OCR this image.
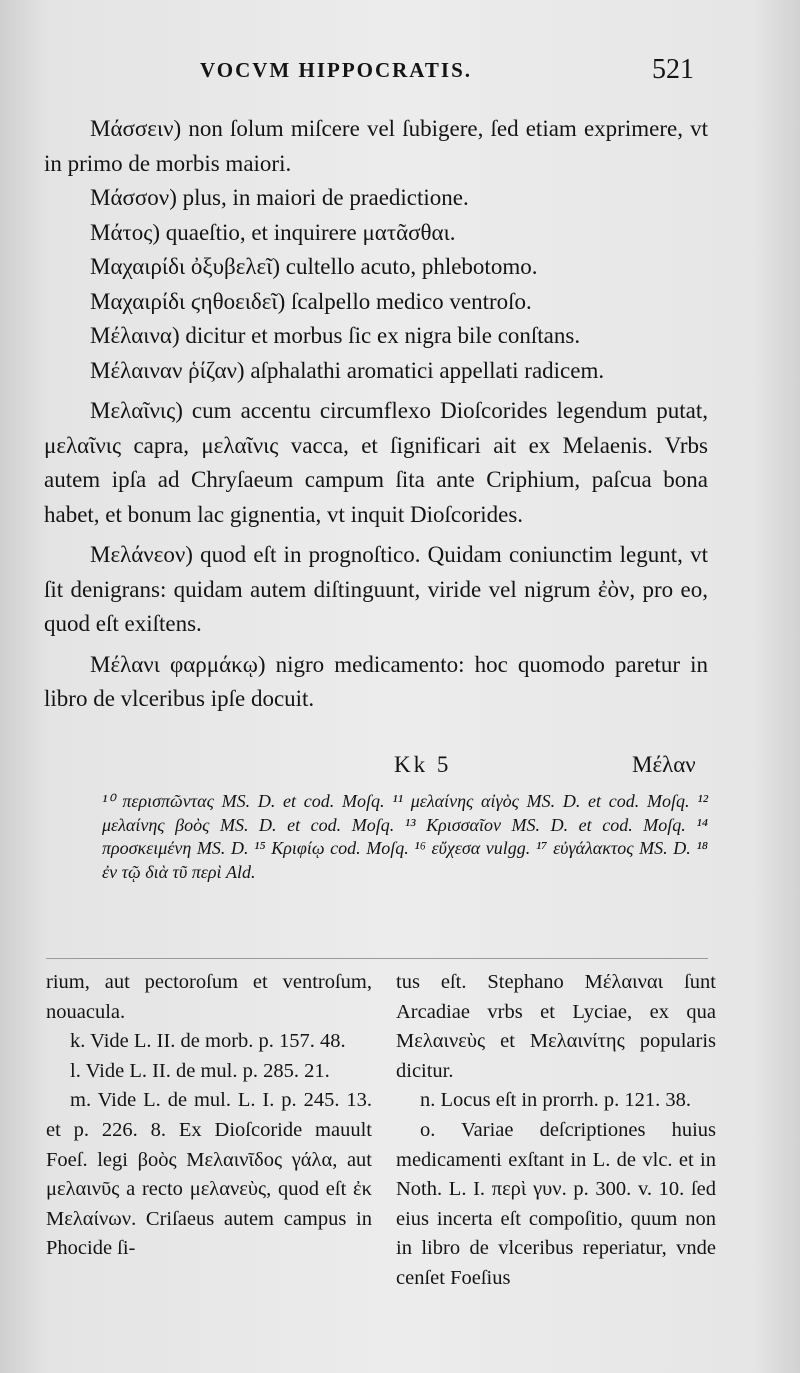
VOCVM HIPPOCRATIS.	521

Μάσσειν) non ſolum miſcere vel ſubigere, ſed etiam exprimere, vt in primo de morbis maiori.

Μάσσον) plus, in maiori de praedictione.

Μάτος) quaeſtio, et inquirere ματᾶσθαι.

Μαχαιρίδι ὀξυβελεῖ) cultello acuto, phlebotomo.

Μαχαιρίδι ϛηθοειδεῖ) ſcalpello medico ventroſo.

Μέλαινα) dicitur et morbus ſic ex nigra bile conſtans.

Μέλαιναν ῥίζαν) aſphalathi aromatici appellati radicem.

Μελαῖνις) cum accentu circumflexo Dioſcorides legendum putat, μελαῖνις capra, μελαῖνις vacca, et ſignificari ait ex Melaenis. Vrbs autem ipſa ad Chryſaeum campum ſita ante Criphium, paſcua bona habet, et bonum lac gignentia, vt inquit Dioſcorides.

Μελάνεον) quod eſt in prognoſtico. Quidam coniunctim legunt, vt ſit denigrans: quidam autem diſtinguunt, viride vel nigrum ἐὸν, pro eo, quod eſt exiſtens.

Μέλανι φαρμάκῳ) nigro medicamento: hoc quomodo paretur in libro de vlceribus ipſe docuit.

Kk 5	Μέλαν

¹⁰ περισπῶντας MS. D. et cod. Moſq. ¹¹ μελαίνης αἰγὸς MS. D. et cod. Moſq. ¹² μελαίνης βοὸς MS. D. et cod. Moſq. ¹³ Κρισσαῖον MS. D. et cod. Moſq. ¹⁴ προσκειμένη MS. D. ¹⁵ Κριφίῳ cod. Moſq. ¹⁶ εὔχεσα vulgg. ¹⁷ εὐγάλακτος MS. D. ¹⁸ ἐν τῷ διὰ τῦ περὶ Ald.

rium, aut pectoroſum et ventroſum, nouacula.

k. Vide L. II. de morb. p. 157. 48.

l. Vide L. II. de mul. p. 285. 21.

m. Vide L. de mul. L. I. p. 245. 13. et p. 226. 8. Ex Dioſcoride mauult Foeſ. legi βοὸς Μελαινῖδος γάλα, aut μελαινῦς a recto μελανεὺς, quod eſt ἐκ Μελαίνων. Criſaeus autem campus in Phocide ſi-

tus eſt. Stephano Μέλαιναι ſunt Arcadiae vrbs et Lyciae, ex qua Μελαινεὺς et Μελαινίτης popularis dicitur.

n. Locus eſt in prorrh. p. 121. 38.

o. Variae deſcriptiones huius medicamenti exſtant in L. de vlc. et in Noth. L. I. περὶ γυν. p. 300. v. 10. ſed eius incerta eſt compoſitio, quum non in libro de vlceribus reperiatur, vnde cenſet Foeſius
